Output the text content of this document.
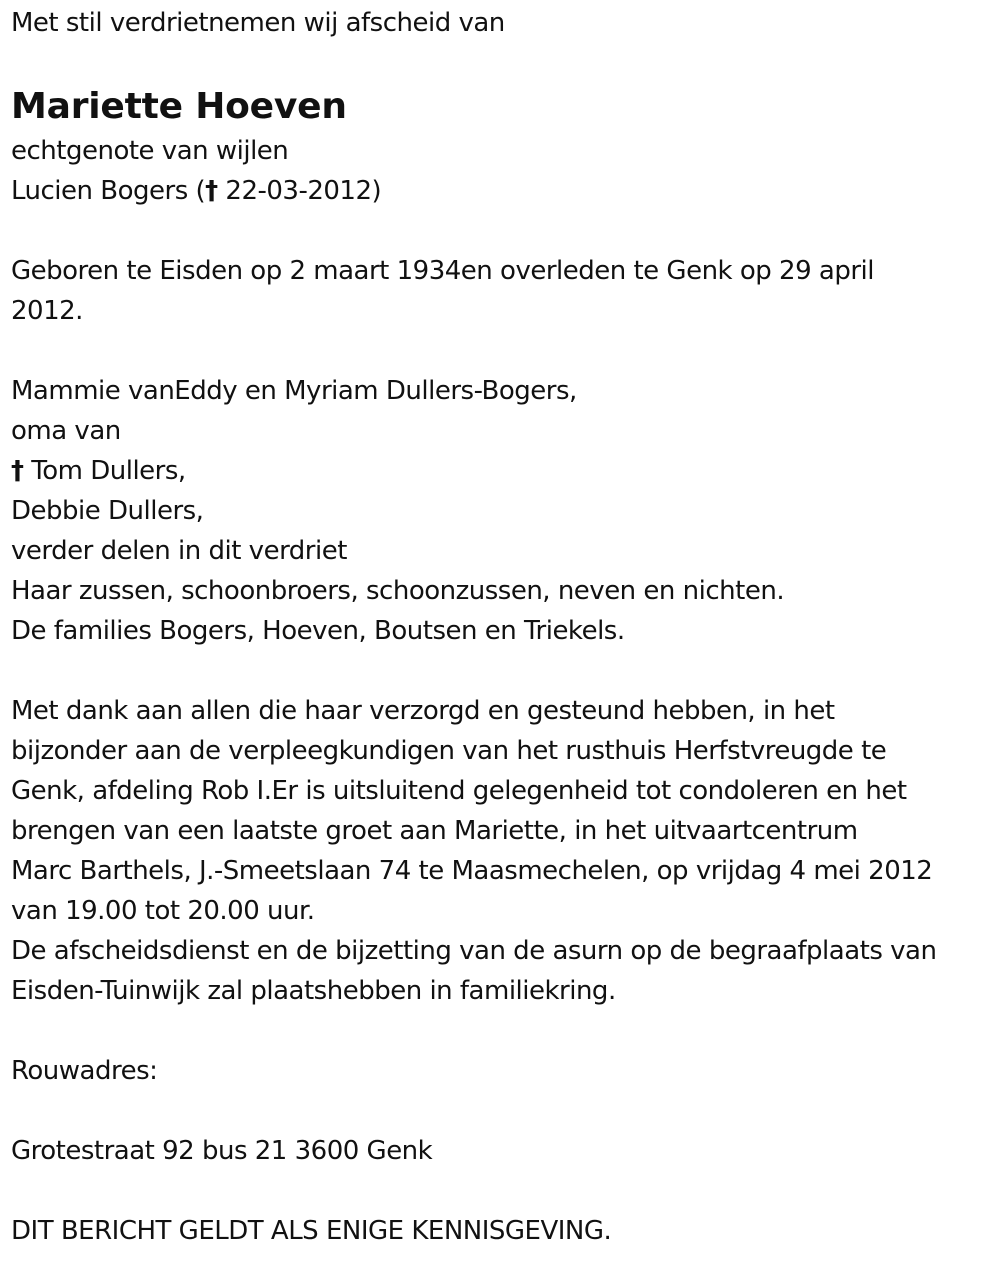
Met stil verdrietnemen wij afscheid van
Mariette Hoeven
echtgenote van wijlen
Lucien Bogers († 22-03-2012)
Geboren te Eisden op 2 maart 1934en overleden te Genk op 29 april
2012.
Mammie vanEddy en Myriam Dullers-Bogers,
oma van
† Tom Dullers,
Debbie Dullers,
verder delen in dit verdriet
Haar zussen, schoonbroers, schoonzussen, neven en nichten.
De families Bogers, Hoeven, Boutsen en Triekels.
Met dank aan allen die haar verzorgd en gesteund hebben, in het
bijzonder aan de verpleegkundigen van het rusthuis Herfstvreugde te
Genk, afdeling Rob I.Er is uitsluitend gelegenheid tot condoleren en het
brengen van een laatste groet aan Mariette, in het uitvaartcentrum
Marc Barthels, J.-Smeetslaan 74 te Maasmechelen, op vrijdag 4 mei 2012
van 19.00 tot 20.00 uur.
De afscheidsdienst en de bijzetting van de asurn op de begraafplaats van
Eisden-Tuinwijk zal plaatshebben in familiekring.
Rouwadres:
Grotestraat 92 bus 21 3600 Genk
DIT BERICHT GELDT ALS ENIGE KENNISGEVING.
